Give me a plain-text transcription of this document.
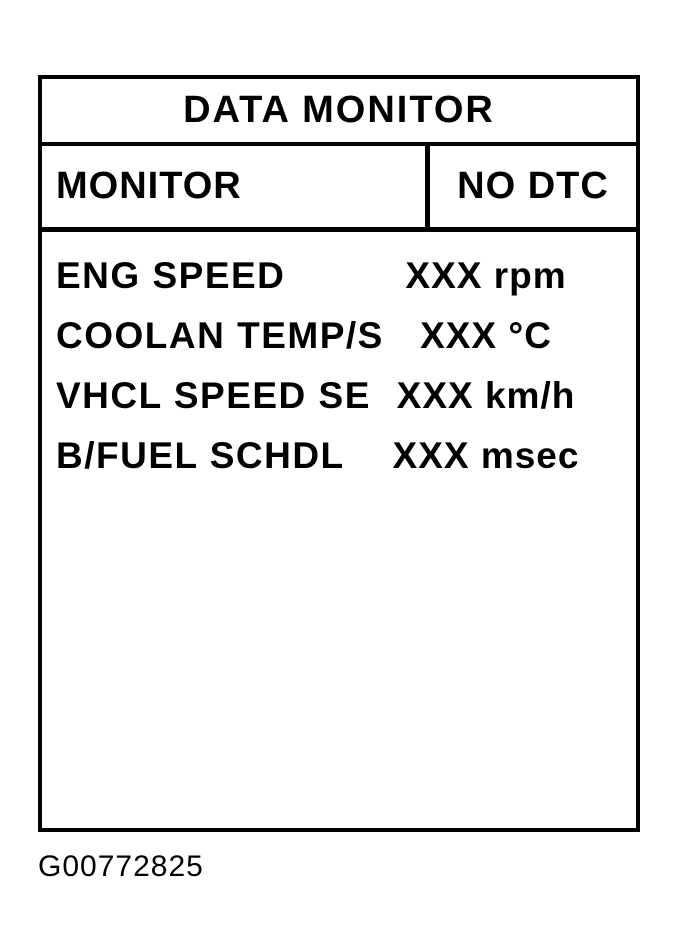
DATA MONITOR
MONITOR	NO DTC
ENG SPEED	XXX rpm
COOLAN TEMP/S XXX °C
VHCL SPEED SE XXX km/h
B/FUEL SCHDL	XXX msec
G00772825
